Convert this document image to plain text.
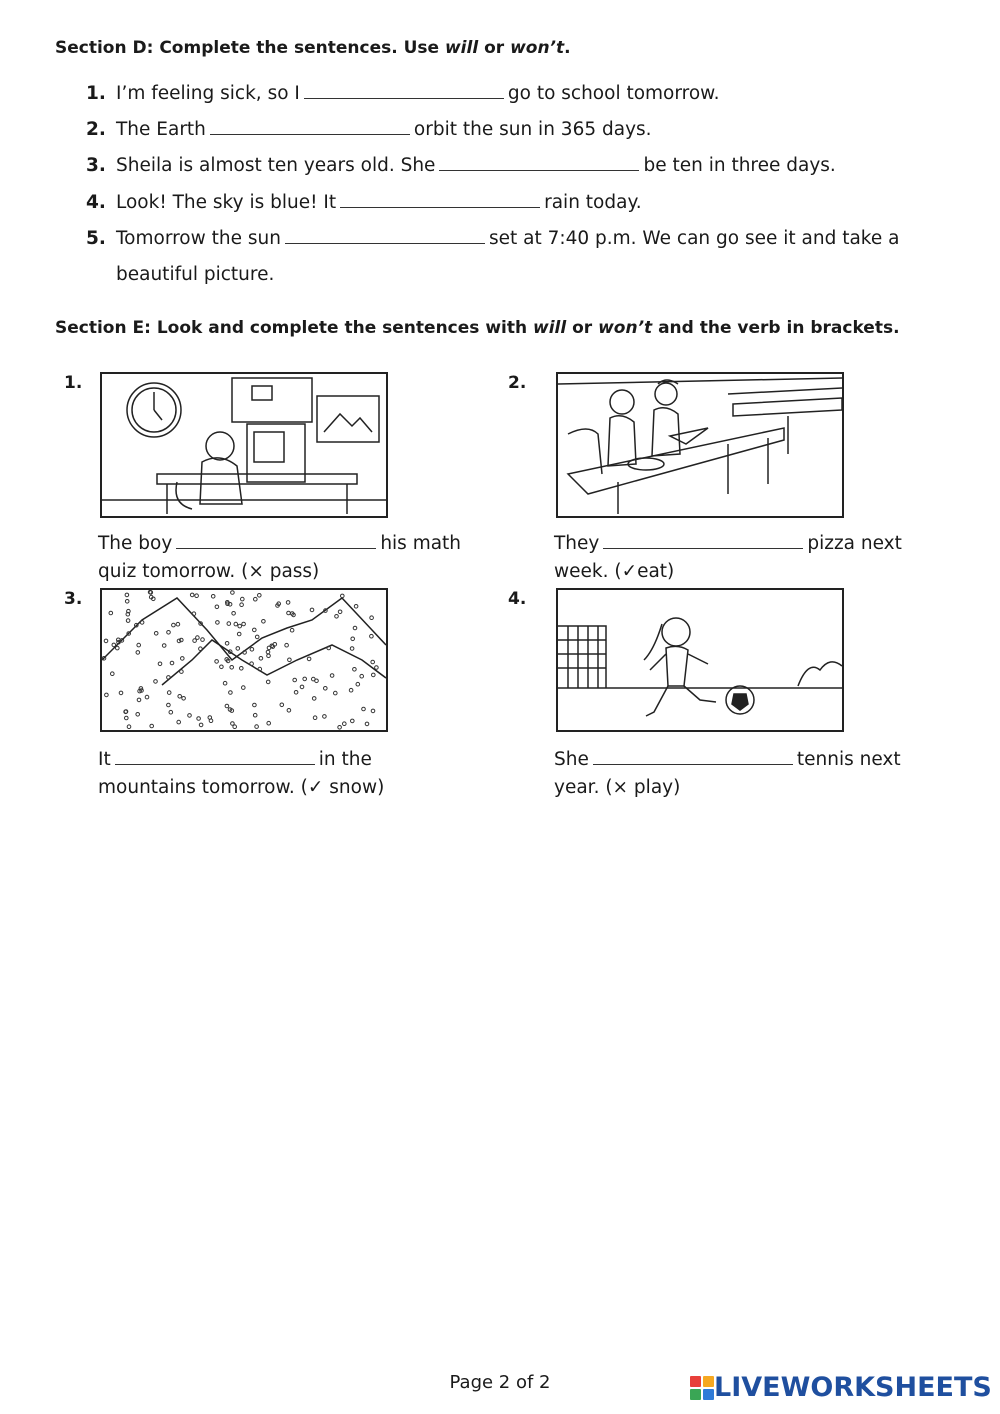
Section D: Complete the sentences. Use will or won’t.
1. I’m feeling sick, so I	go to school tomorrow.
2. The Earth	orbit the sun in 365 days.
3. Sheila is almost ten years old. She	be ten in three days.
4. Look! The sky is blue! It	rain today.
5. Tomorrow the sun	set at 7:40 p.m. We can go see it and take a
beautiful picture.
Section E: Look and complete the sentences with will or won’t and the verb in brackets.
1.
The boy	his math
quiz tomorrow. (× pass)
2.
They	pizza next
week. (✓eat)
3.
It	in the
mountains tomorrow. (✓ snow)
4.
She	tennis next
year. (× play)
Page 2 of 2	LIVEWORKSHEETS
